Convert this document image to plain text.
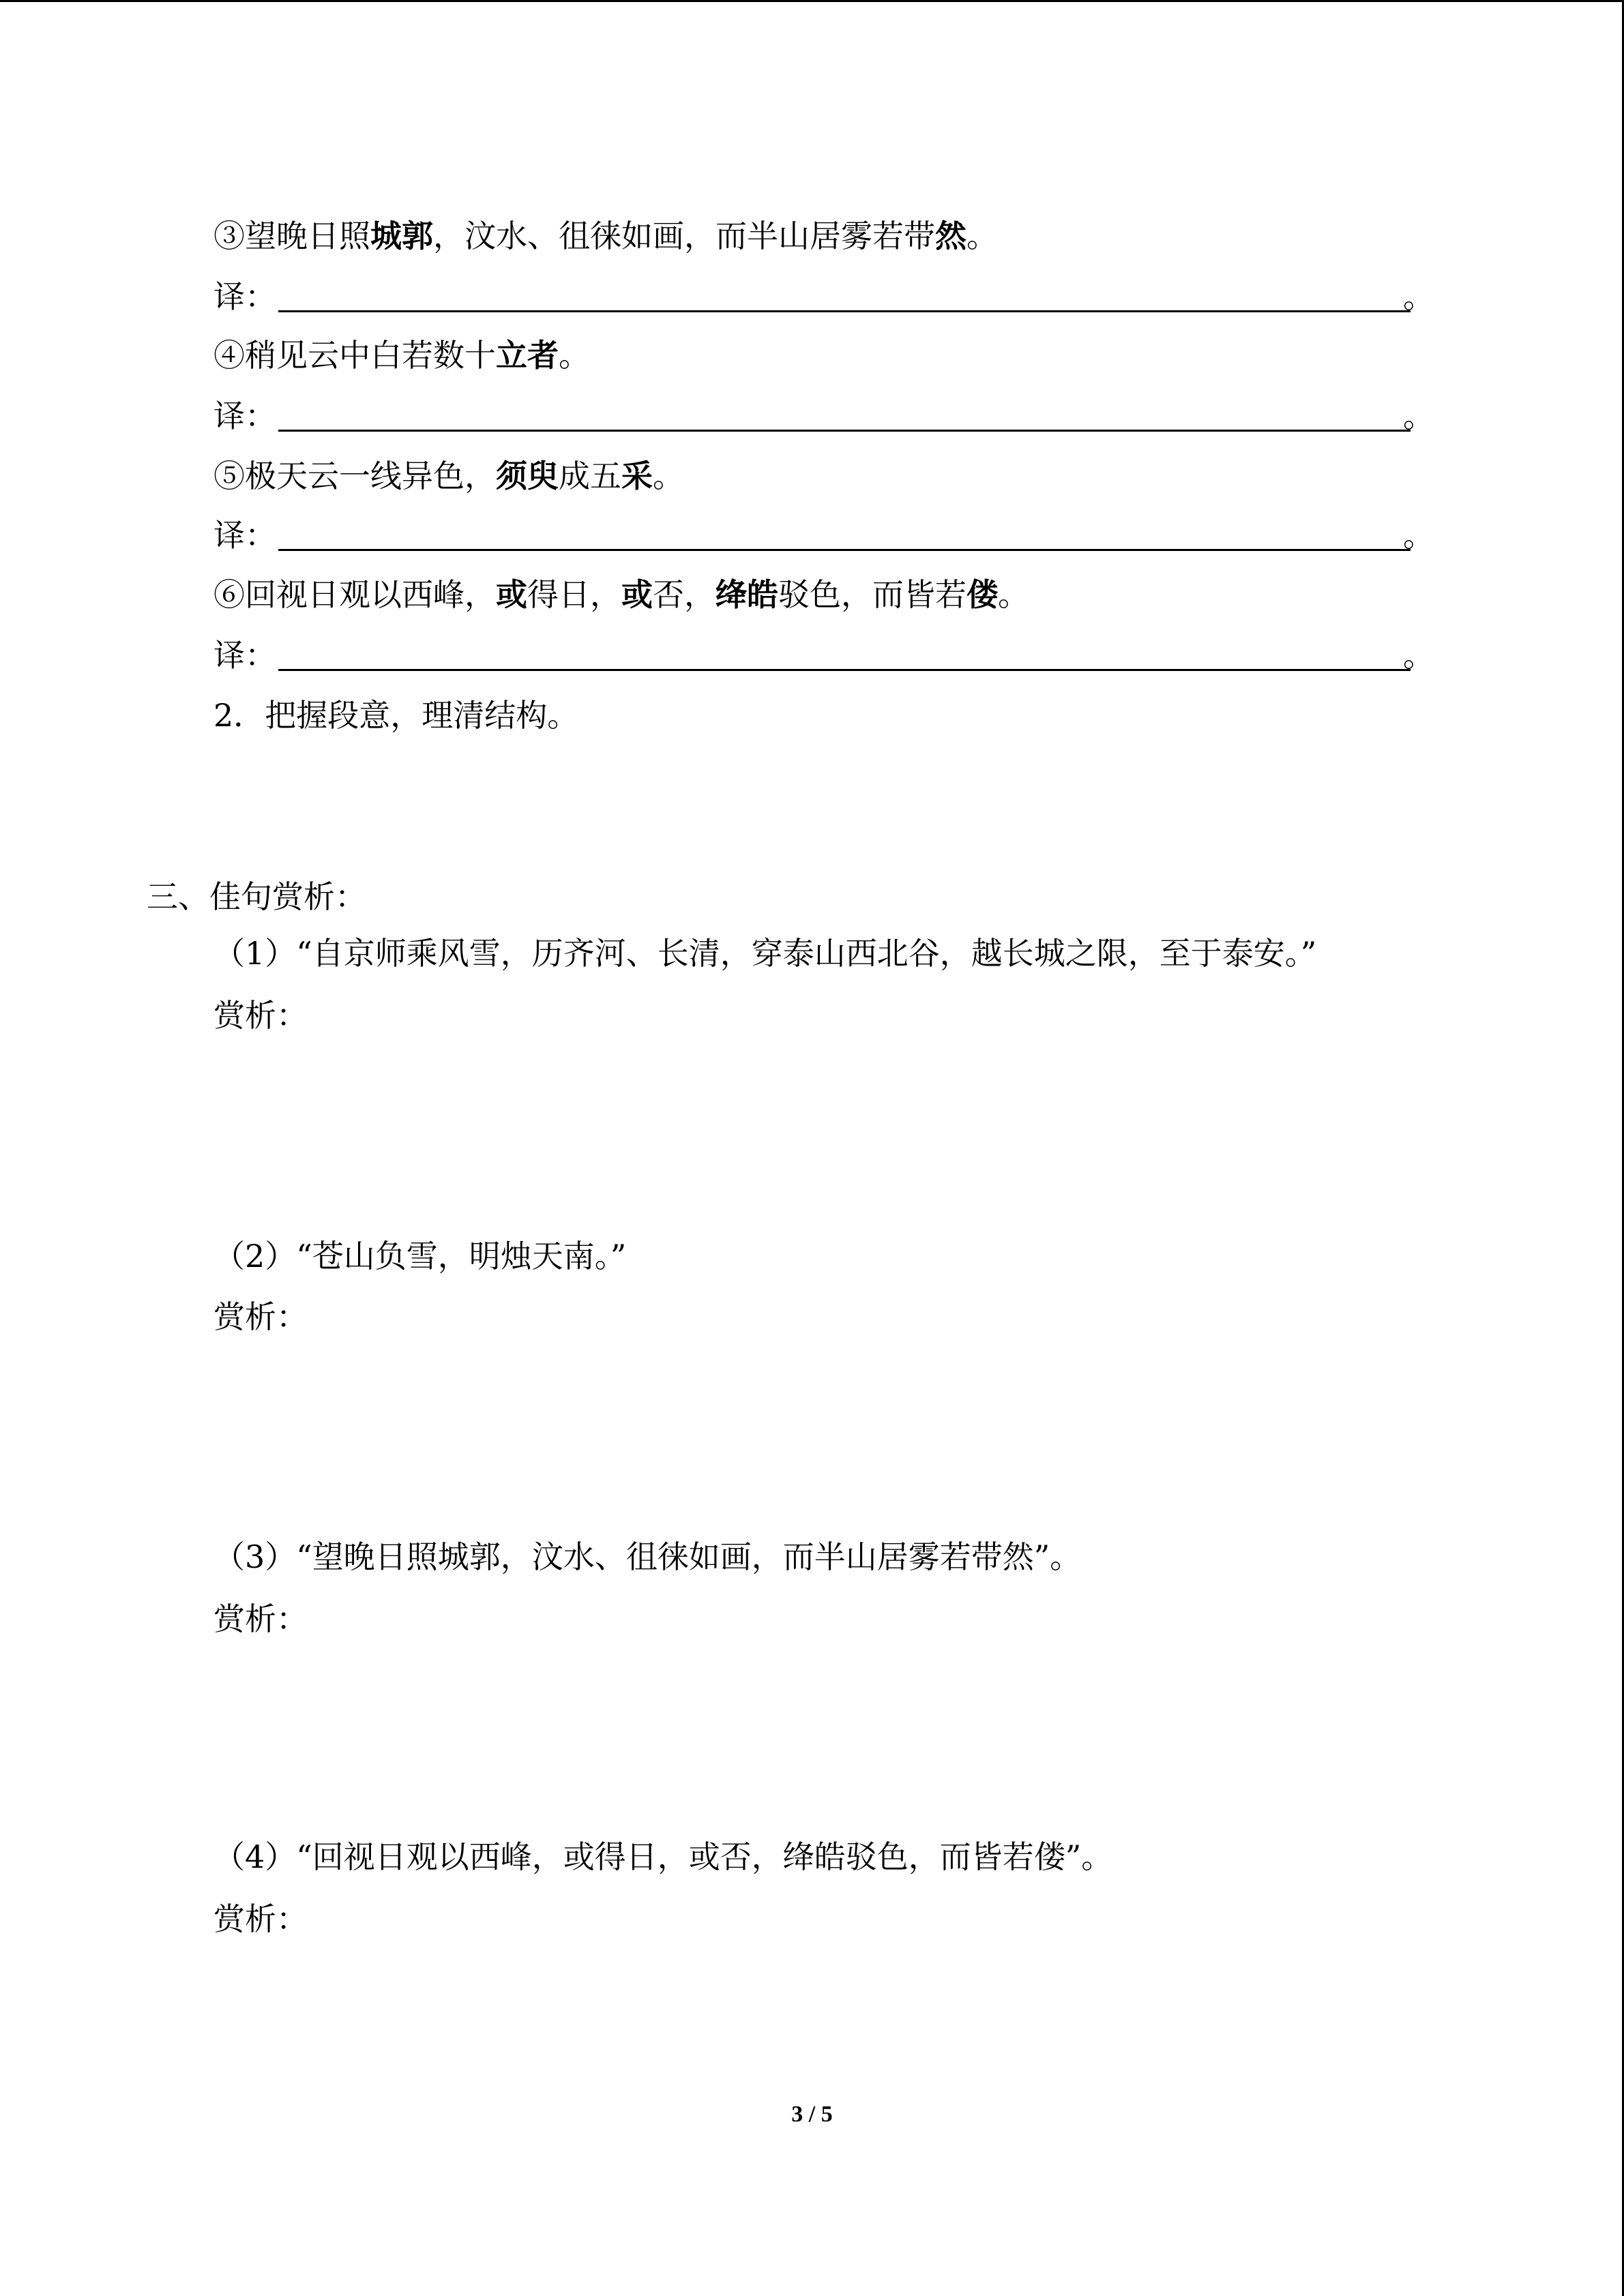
③望晚日照城郭，汶水、徂徕如画，而半山居雾若带然。
译：	。
④稍见云中白若数十立者。
译：	。
⑤极天云一线异色，须臾成五采。
译：	。
⑥回视日观以西峰，或得日，或否，绛皓驳色，而皆若偻。
译：	。
2．把握段意，理清结构。
三、佳句赏析：
（1）“自京师乘风雪，历齐河、长清，穿泰山西北谷，越长城之限，至于泰安。”
赏析：
（2）“苍山负雪，明烛天南。”
赏析：
（3）“望晚日照城郭，汶水、徂徕如画，而半山居雾若带然”。
赏析：
（4）“回视日观以西峰，或得日，或否，绛皓驳色，而皆若偻”。
赏析：
3 / 5
